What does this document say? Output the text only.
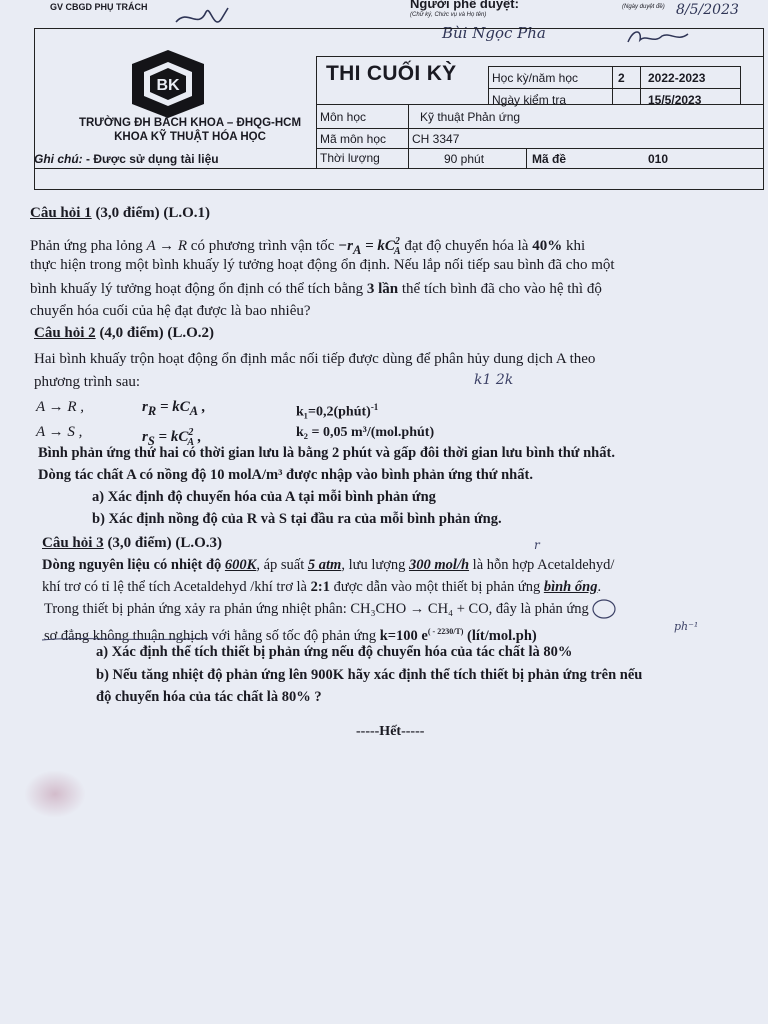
GV CBGD PHỤ TRÁCH	Người phê duyệt:
(Chữ ký, Chức vụ và Họ tên)
(Ngày duyệt đề) 8/5/2023
Bùi Ngọc Pha
BK
TRƯỜNG ĐH BÁCH KHOA – ĐHQG-HCM
KHOA KỸ THUẬT HÓA HỌC
THI CUỐI KỲ	Học kỳ/năm học	2 2022-2023
Ngày kiểm tra	15/5/2023
Môn học	Kỹ thuật Phản ứng
Mã môn học CH 3347
Thời lượng	90 phút	Mã đề	010
Ghi chú: - Được sử dụng tài liệu
Câu hỏi 1 (3,0 điểm) (L.O.1)
Phản ứng pha lỏng A → R có phương trình vận tốc $-r_A = kC^2_A$ đạt độ chuyển hóa là 40% khi
thực hiện trong một bình khuấy lý tưởng hoạt động ổn định. Nếu lắp nối tiếp sau bình đã cho một
bình khuấy lý tưởng hoạt động ổn định có thể tích bằng 3 lần thể tích bình đã cho vào hệ thì độ
chuyển hóa cuối của hệ đạt được là bao nhiêu?
Câu hỏi 2 (4,0 điểm) (L.O.2)
Hai bình khuấy trộn hoạt động ổn định mắc nối tiếp được dùng để phân hủy dung dịch A theo
phương trình sau:
A → R ,	$r_R = kC_A$ ,	k₁=0,2(phút)$^{-1}$
A → S ,	$r_S = kC^2_A$ ,	k₂ = 0,05 m³/(mol.phút)
Bình phản ứng thứ hai có thời gian lưu là bằng 2 phút và gấp đôi thời gian lưu bình thứ nhất.
Dòng tác chất A có nồng độ 10 molA/m³ được nhập vào bình phản ứng thứ nhất.
a) Xác định độ chuyển hóa của A tại mỗi bình phản ứng
b) Xác định nồng độ của R và S tại đầu ra của mỗi bình phản ứng.
Câu hỏi 3 (3,0 điểm) (L.O.3)
Dòng nguyên liệu có nhiệt độ 600K, áp suất 5 atm, lưu lượng 300 mol/h là hỗn hợp Acetaldehyd/
khí trơ có tỉ lệ thể tích Acetaldehyd /khí trơ là 2:1 được dẫn vào một thiết bị phản ứng bình ống.
Trong thiết bị phản ứng xảy ra phản ứng nhiệt phân: CH₃CHO → CH₄ + CO, đây là phản ứng
sơ đẳng không thuận nghịch với hằng số tốc độ phản ứng k=100 $e^{( - 2230/T)}$ (lít/mol.ph)
a) Xác định thể tích thiết bị phản ứng nếu độ chuyển hóa của tác chất là 80%
b) Nếu tăng nhiệt độ phản ứng lên 900K hãy xác định thể tích thiết bị phản ứng trên nếu
độ chuyển hóa của tác chất là 80% ?
-----Hết-----
k1 2k
ph⁻¹
r
